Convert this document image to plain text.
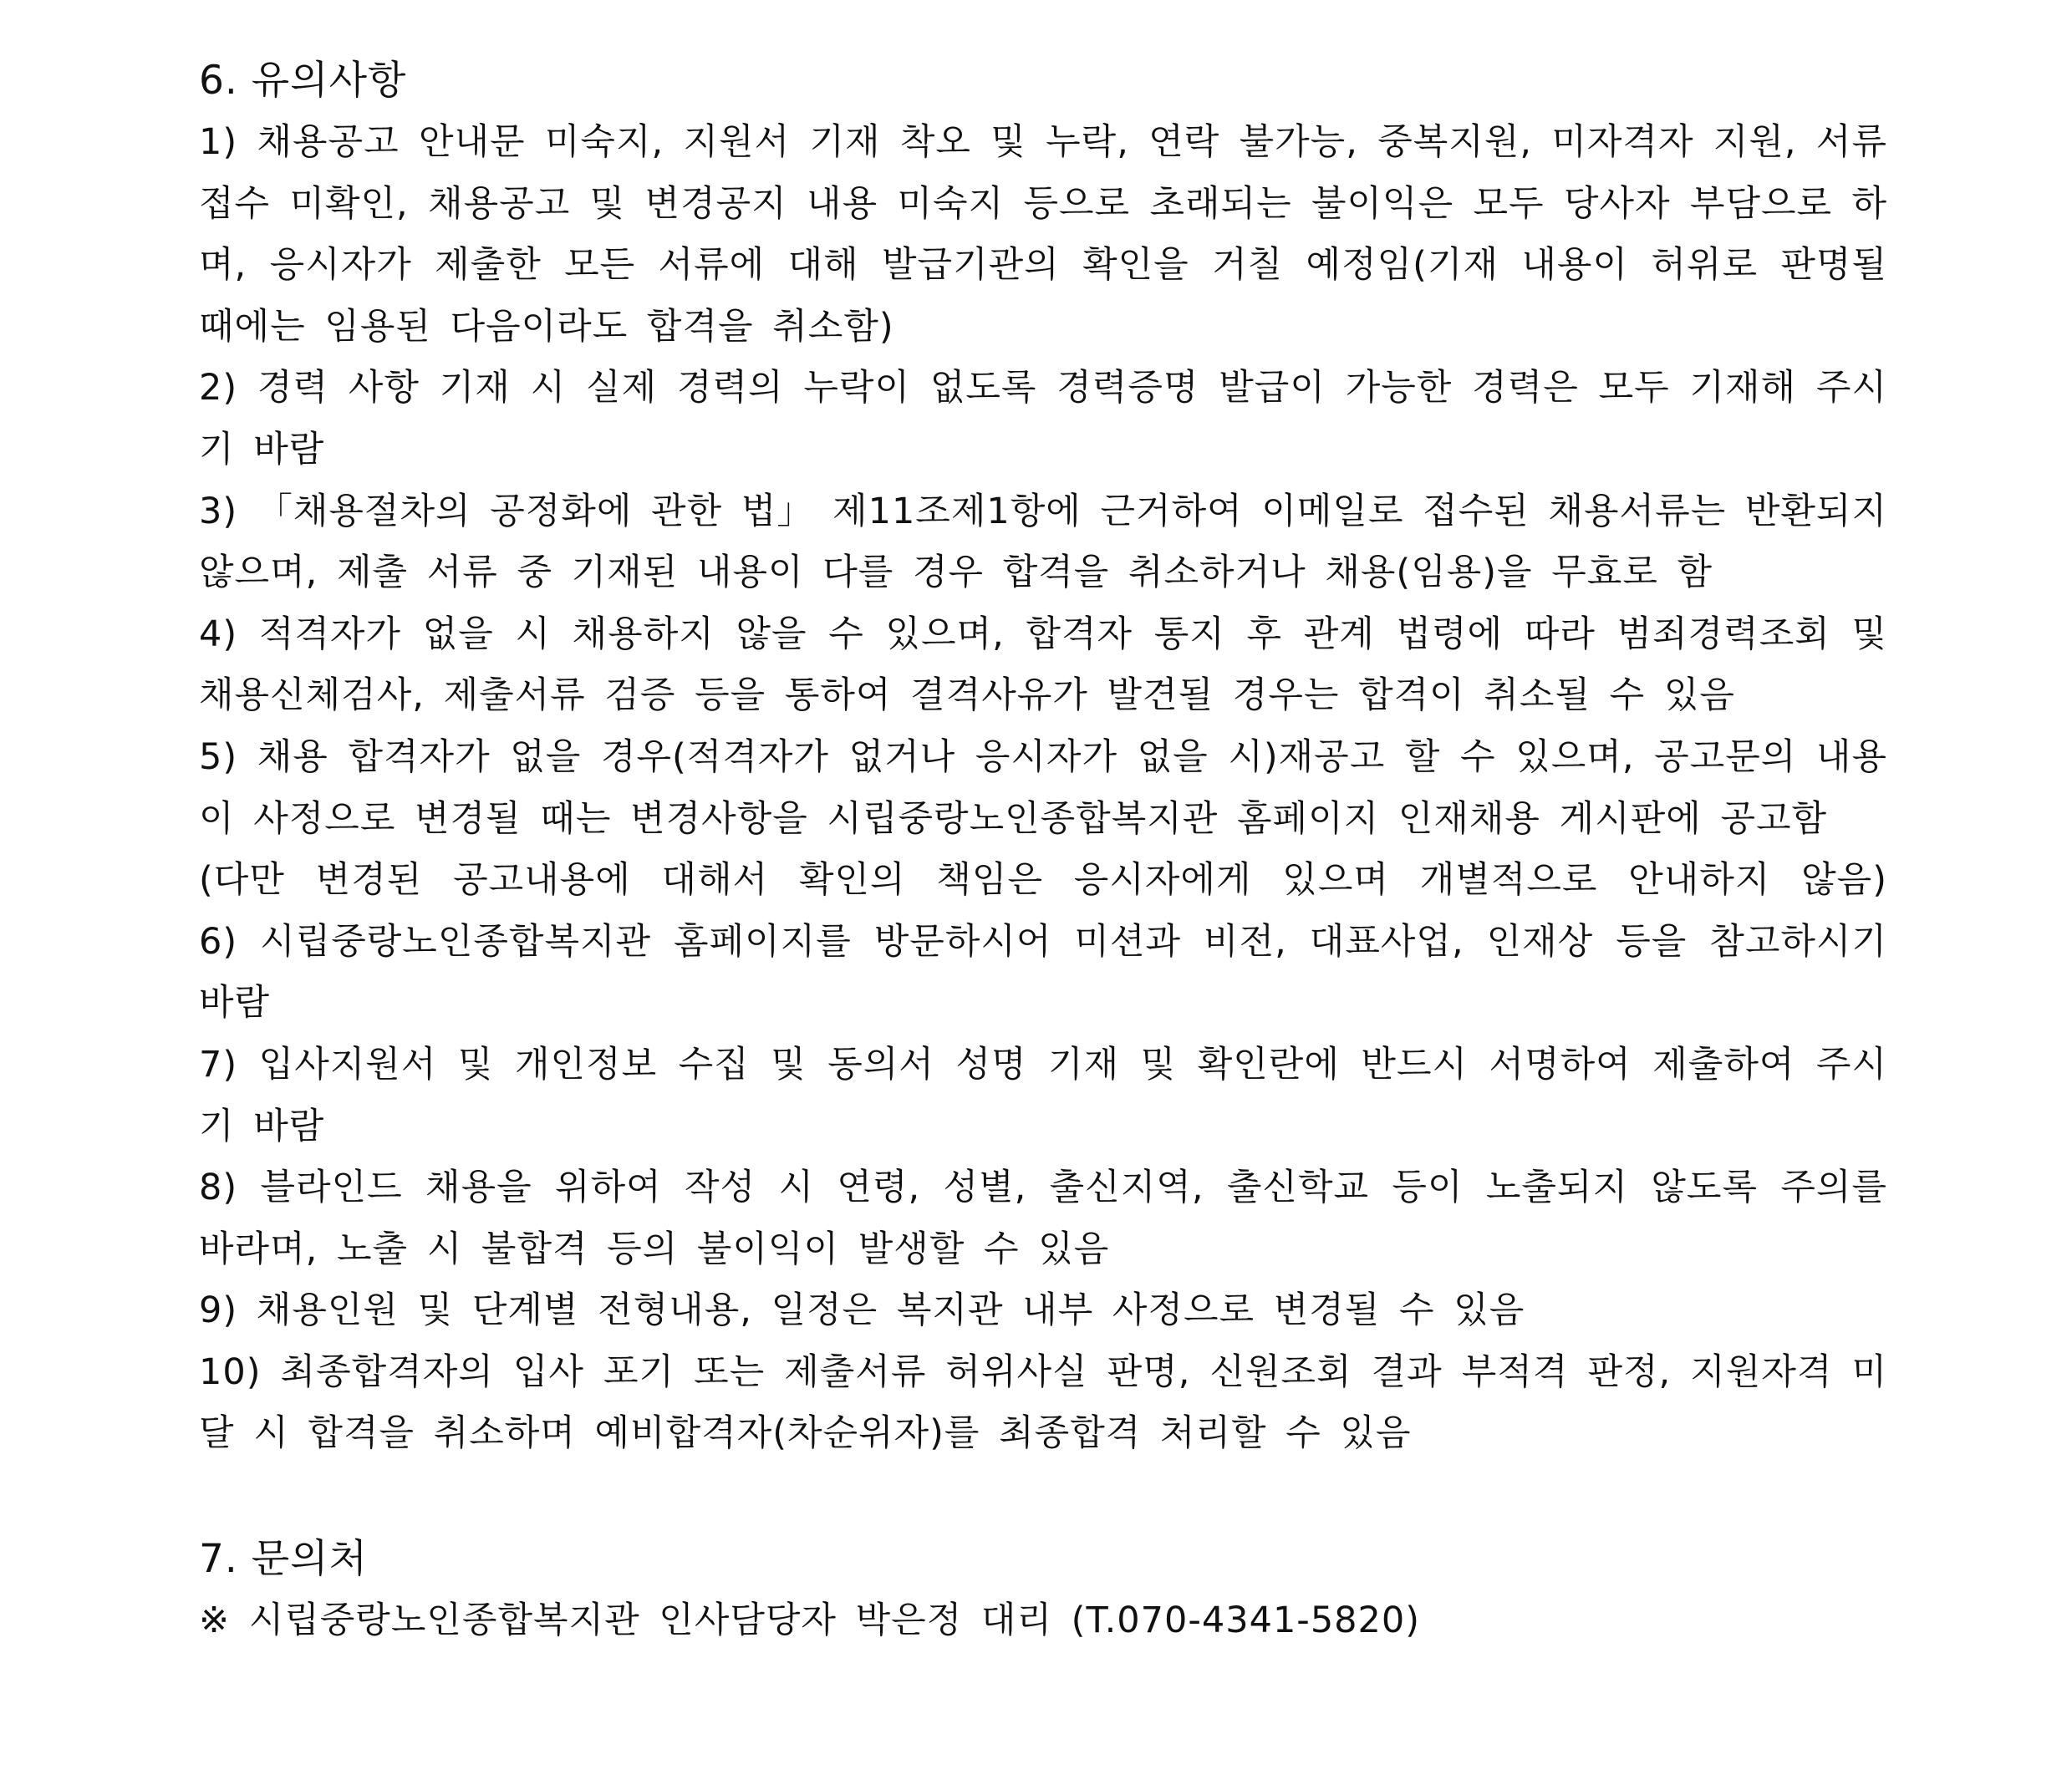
6. 유의사항

1) 채용공고 안내문 미숙지, 지원서 기재 착오 및 누락, 연락 불가능, 중복지원, 미자격자 지원, 서류 접수 미확인, 채용공고 및 변경공지 내용 미숙지 등으로 초래되는 불이익은 모두 당사자 부담으로 하며, 응시자가 제출한 모든 서류에 대해 발급기관의 확인을 거칠 예정임(기재 내용이 허위로 판명될 때에는 임용된 다음이라도 합격을 취소함)

2) 경력 사항 기재 시 실제 경력의 누락이 없도록 경력증명 발급이 가능한 경력은 모두 기재해 주시기 바람

3) 「채용절차의 공정화에 관한 법」 제11조제1항에 근거하여 이메일로 접수된 채용서류는 반환되지 않으며, 제출 서류 중 기재된 내용이 다를 경우 합격을 취소하거나 채용(임용)을 무효로 함

4) 적격자가 없을 시 채용하지 않을 수 있으며, 합격자 통지 후 관계 법령에 따라 범죄경력조회 및 채용신체검사, 제출서류 검증 등을 통하여 결격사유가 발견될 경우는 합격이 취소될 수 있음

5) 채용 합격자가 없을 경우(적격자가 없거나 응시자가 없을 시)재공고 할 수 있으며, 공고문의 내용이 사정으로 변경될 때는 변경사항을 시립중랑노인종합복지관 홈페이지 인재채용 게시판에 공고함

(다만 변경된 공고내용에 대해서 확인의 책임은 응시자에게 있으며 개별적으로 안내하지 않음)

6) 시립중랑노인종합복지관 홈페이지를 방문하시어 미션과 비전, 대표사업, 인재상 등을 참고하시기 바람

7) 입사지원서 및 개인정보 수집 및 동의서 성명 기재 및 확인란에 반드시 서명하여 제출하여 주시기 바람

8) 블라인드 채용을 위하여 작성 시 연령, 성별, 출신지역, 출신학교 등이 노출되지 않도록 주의를 바라며, 노출 시 불합격 등의 불이익이 발생할 수 있음

9) 채용인원 및 단계별 전형내용, 일정은 복지관 내부 사정으로 변경될 수 있음

10) 최종합격자의 입사 포기 또는 제출서류 허위사실 판명, 신원조회 결과 부적격 판정, 지원자격 미달 시 합격을 취소하며 예비합격자(차순위자)를 최종합격 처리할 수 있음

7. 문의처

※ 시립중랑노인종합복지관 인사담당자 박은정 대리 (T.070-4341-5820)
